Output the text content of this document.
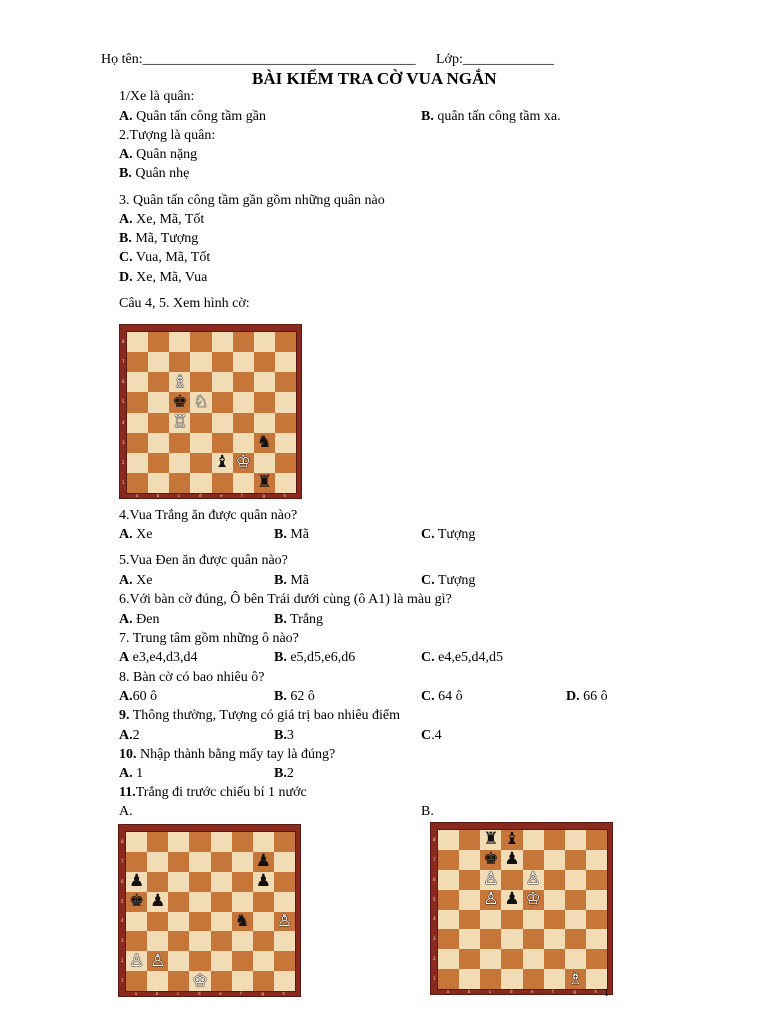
Họ tên:_______________________________________ Lớp:_____________
BÀI KIỂM TRA CỜ VUA NGẮN
1/Xe là quân:
A. Quân tấn công tầm gần	B. quân tấn công tầm xa.
2.Tượng là quân:
A. Quân nặng
B. Quân nhẹ
3. Quân tấn công tầm gần gồm những quân nào
A. Xe, Mã, Tốt
B. Mã, Tượng
C. Vua, Mã, Tốt
D. Xe, Mã, Vua
Câu 4, 5. Xem hình cờ:
♗
♚ ♘
♖
♞
♝ ♔
♜
8
a
7
b
6
c
5
d
4
e
3
f
2
g
1
h
4.Vua Trắng ăn được quân nào?
A. Xe	B. Mã	C. Tượng
5.Vua Đen ăn được quân nào?
A. Xe	B. Mã	C. Tượng
6.Với bàn cờ đúng, Ô bên Trái dưới cùng (ô A1) là màu gì?
A. Đen	B. Trắng
7. Trung tâm gồm những ô nào?
A e3,e4,d3,d4	B. e5,d5,e6,d6	C. e4,e5,d4,d5
8. Bàn cờ có bao nhiêu ô?
A.60 ô	B. 62 ô	C. 64 ô	D. 66 ô
9. Thông thường, Tượng có giá trị bao nhiêu điểm
A.2	B.3	C.4
10. Nhập thành bằng mấy tay là đúng?
A. 1	B.2
11.Trắng đi trước chiếu bí 1 nước
A.	B.
♟
♟	♟
♚ ♟
♞ ♙
♙ ♙
♔
8
a
7
b
6
c
5
d
4
e
3
f
2
g
1
h
♜ ♝
♚ ♟
♙ ♙
♙ ♟ ♔
♗
8
a
7
b
6
c
5
d
4
e
3
f
2
g
1
h 1
